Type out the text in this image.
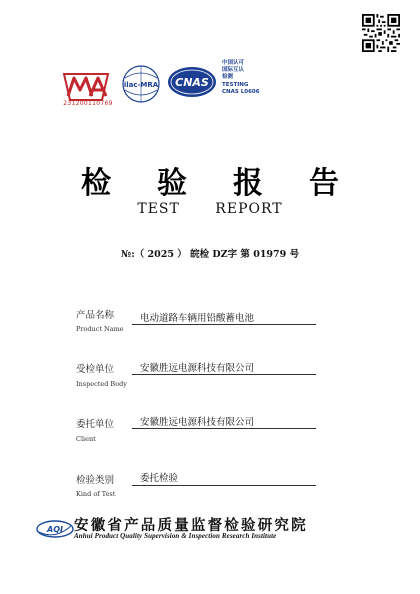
231200110769
ilac-MRA CNAS
中国认可
国际互认
检测
TESTING
CNAS L0606
检 验 报 告
TEST REPORT
№:（ 2025 ） 皖检 DZ字 第 01979 号
产品名称
Product Name
电动道路车辆用铅酸蓄电池
受检单位
Inspected Body
安徽胜远电源科技有限公司
委托单位
Client
安徽胜远电源科技有限公司
检验类别
Kind of Test
委托检验
AQI 安徽省产品质量监督检验研究院
Anhui Product Quality Supervision & Inspection Research Institute
